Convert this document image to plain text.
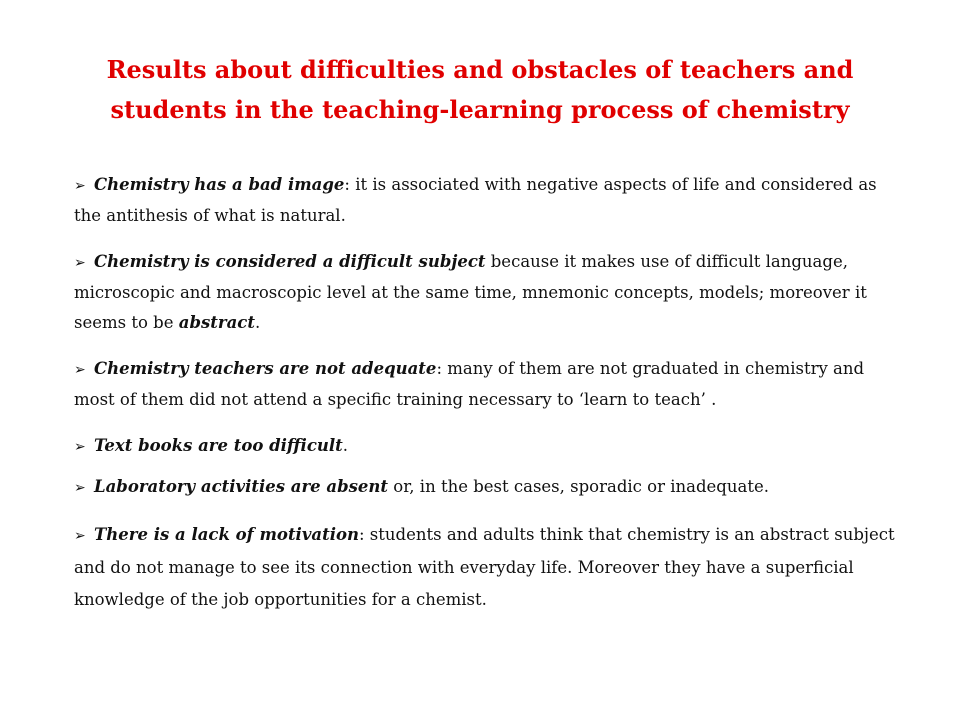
Results about difficulties and obstacles of teachers and
students in the teaching-learning process of chemistry

➢ Chemistry has a bad image: it is associated with negative aspects of life and considered as the antithesis of what is natural.

➢ Chemistry is considered a difficult subject because it makes use of difficult language, microscopic and macroscopic level at the same time, mnemonic concepts, models; moreover it seems to be abstract.

➢ Chemistry teachers are not adequate: many of them are not graduated in chemistry and most of them did not attend a specific training necessary to ‘learn to teach’ .

➢ Text books are too difficult.

➢ Laboratory activities are absent or, in the best cases, sporadic or inadequate.

➢ There is a lack of motivation: students and adults think that chemistry is an abstract subject and do not manage to see its connection with everyday life. Moreover they have a superficial knowledge of the job opportunities for a chemist.
